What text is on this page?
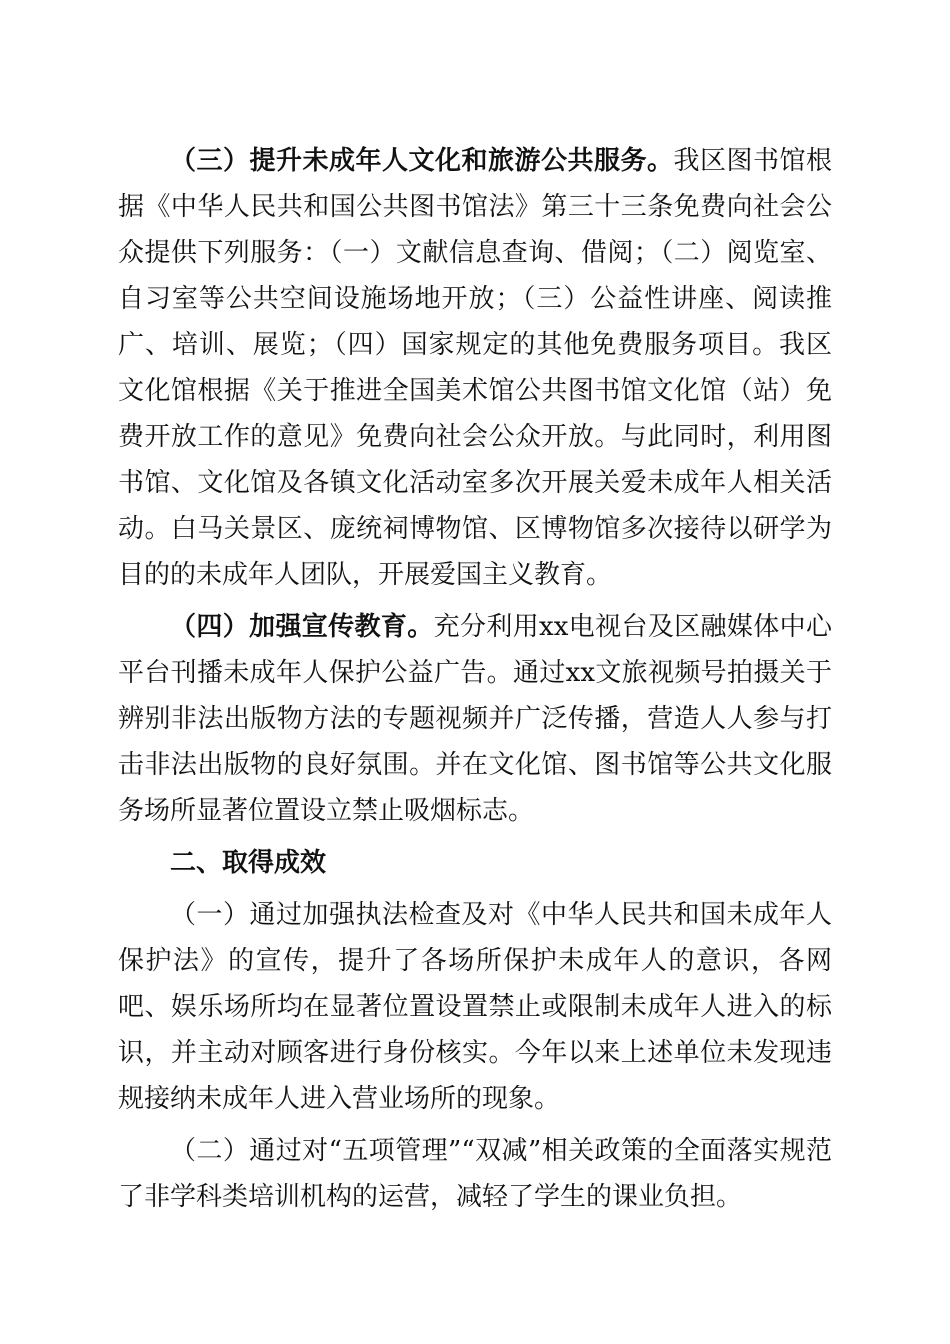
（三）提升未成年人文化和旅游公共服务。我区图书馆根据《中华人民共和国公共图书馆法》第三十三条免费向社会公众提供下列服务：（一）文献信息查询、借阅；（二）阅览室、自习室等公共空间设施场地开放；（三）公益性讲座、阅读推广、培训、展览；（四）国家规定的其他免费服务项目。我区文化馆根据《关于推进全国美术馆公共图书馆文化馆（站）免费开放工作的意见》免费向社会公众开放。与此同时，利用图书馆、文化馆及各镇文化活动室多次开展关爱未成年人相关活动。白马关景区、庞统祠博物馆、区博物馆多次接待以研学为目的的未成年人团队，开展爱国主义教育。

（四）加强宣传教育。充分利用xx电视台及区融媒体中心平台刊播未成年人保护公益广告。通过xx文旅视频号拍摄关于辨别非法出版物方法的专题视频并广泛传播，营造人人参与打击非法出版物的良好氛围。并在文化馆、图书馆等公共文化服务场所显著位置设立禁止吸烟标志。

二、取得成效

（一）通过加强执法检查及对《中华人民共和国未成年人保护法》的宣传，提升了各场所保护未成年人的意识，各网吧、娱乐场所均在显著位置设置禁止或限制未成年人进入的标识，并主动对顾客进行身份核实。今年以来上述单位未发现违规接纳未成年人进入营业场所的现象。

（二）通过对“五项管理”“双减”相关政策的全面落实规范了非学科类培训机构的运营，减轻了学生的课业负担。
